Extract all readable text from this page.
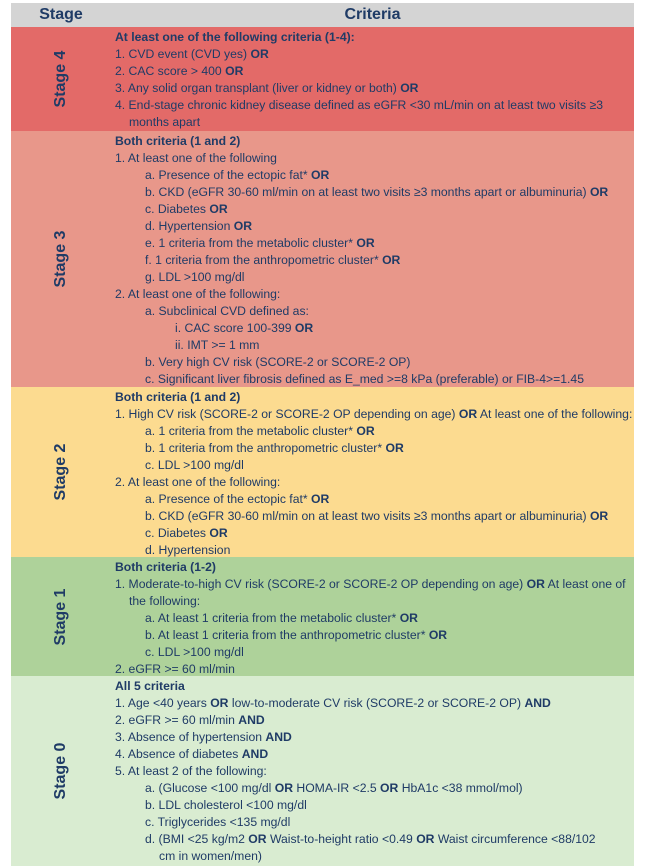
Stage	Criteria
Stage 4
At least one of the following criteria (1-4):
1. CVD event (CVD yes) OR
2. CAC score > 400 OR
3. Any solid organ transplant (liver or kidney or both) OR
4. End-stage chronic kidney disease defined as eGFR <30 mL/min on at least two visits ≥3
months apart
Stage 3
Both criteria (1 and 2)
1. At least one of the following
a. Presence of the ectopic fat* OR
b. CKD (eGFR 30-60 ml/min on at least two visits ≥3 months apart or albuminuria) OR
c. Diabetes OR
d. Hypertension OR
e. 1 criteria from the metabolic cluster* OR
f. 1 criteria from the anthropometric cluster* OR
g. LDL >100 mg/dl
2. At least one of the following:
a. Subclinical CVD defined as:
i. CAC score 100-399 OR
ii. IMT >= 1 mm
b. Very high CV risk (SCORE-2 or SCORE-2 OP)
c. Significant liver fibrosis defined as E_med >=8 kPa (preferable) or FIB-4>=1.45
Stage 2
Both criteria (1 and 2)
1. High CV risk (SCORE-2 or SCORE-2 OP depending on age) OR At least one of the following:
a. 1 criteria from the metabolic cluster* OR
b. 1 criteria from the anthropometric cluster* OR
c. LDL >100 mg/dl
2. At least one of the following:
a. Presence of the ectopic fat* OR
b. CKD (eGFR 30-60 ml/min on at least two visits ≥3 months apart or albuminuria) OR
c. Diabetes OR
d. Hypertension
Stage 1
Both criteria (1-2)
1. Moderate-to-high CV risk (SCORE-2 or SCORE-2 OP depending on age) OR At least one of
the following:
a. At least 1 criteria from the metabolic cluster* OR
b. At least 1 criteria from the anthropometric cluster* OR
c. LDL >100 mg/dl
2. eGFR >= 60 ml/min
Stage 0
All 5 criteria
1. Age <40 years OR low-to-moderate CV risk (SCORE-2 or SCORE-2 OP) AND
2. eGFR >= 60 ml/min AND
3. Absence of hypertension AND
4. Absence of diabetes AND
5. At least 2 of the following:
a. (Glucose <100 mg/dl OR HOMA-IR <2.5 OR HbA1c <38 mmol/mol)
b. LDL cholesterol <100 mg/dl
c. Triglycerides <135 mg/dl
d. (BMI <25 kg/m2 OR Waist-to-height ratio <0.49 OR Waist circumference <88/102
cm in women/men)
